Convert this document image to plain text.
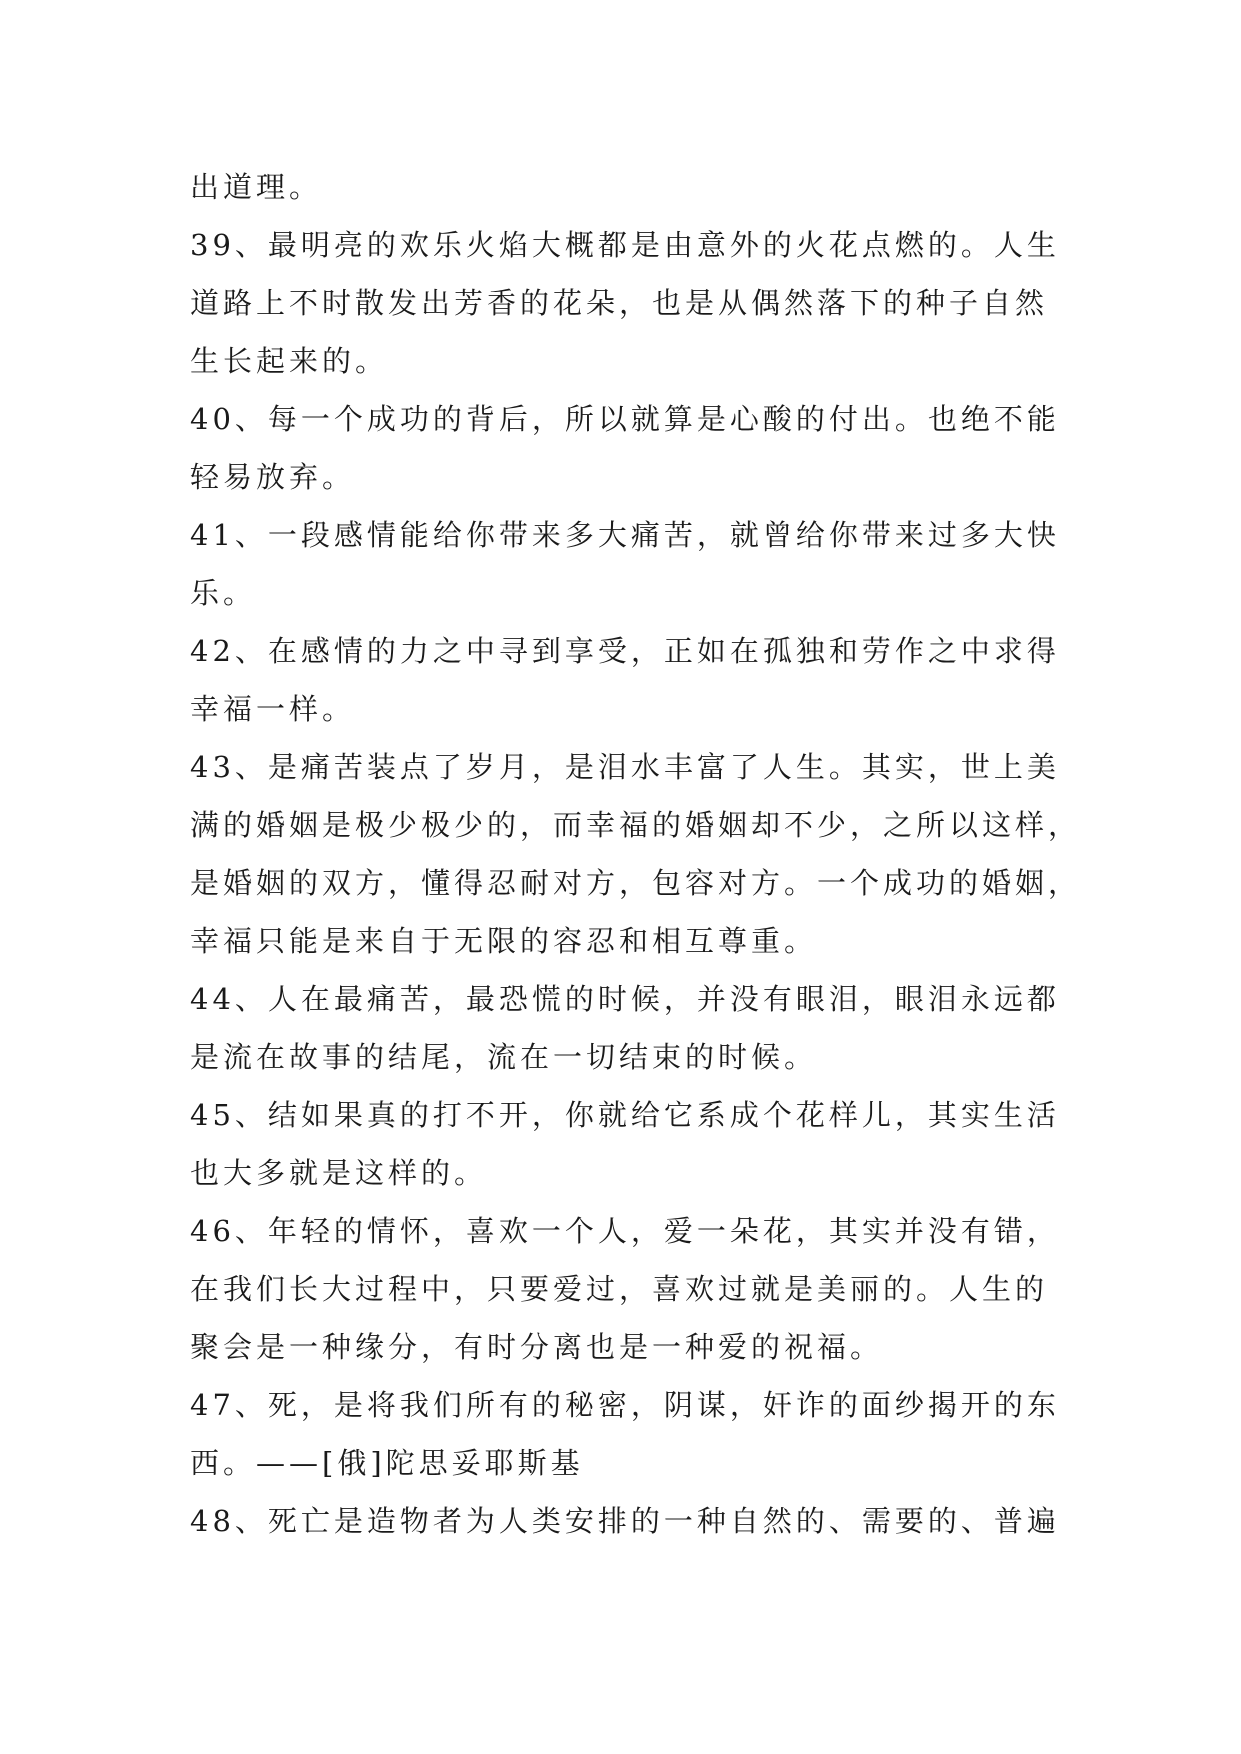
出道理。
39、最明亮的欢乐火焰大概都是由意外的火花点燃的。人生
道路上不时散发出芳香的花朵，也是从偶然落下的种子自然
生长起来的。
40、每一个成功的背后，所以就算是心酸的付出。也绝不能
轻易放弃。
41、一段感情能给你带来多大痛苦，就曾给你带来过多大快
乐。
42、在感情的力之中寻到享受，正如在孤独和劳作之中求得
幸福一样。
43、是痛苦装点了岁月，是泪水丰富了人生。其实，世上美
满的婚姻是极少极少的，而幸福的婚姻却不少，之所以这样，
是婚姻的双方，懂得忍耐对方，包容对方。一个成功的婚姻，
幸福只能是来自于无限的容忍和相互尊重。
44、人在最痛苦，最恐慌的时候，并没有眼泪，眼泪永远都
是流在故事的结尾，流在一切结束的时候。
45、结如果真的打不开，你就给它系成个花样儿，其实生活
也大多就是这样的。
46、年轻的情怀，喜欢一个人，爱一朵花，其实并没有错，
在我们长大过程中，只要爱过，喜欢过就是美丽的。人生的
聚会是一种缘分，有时分离也是一种爱的祝福。
47、死，是将我们所有的秘密，阴谋，奸诈的面纱揭开的东
西。——[俄]陀思妥耶斯基
48、死亡是造物者为人类安排的一种自然的、需要的、普遍
